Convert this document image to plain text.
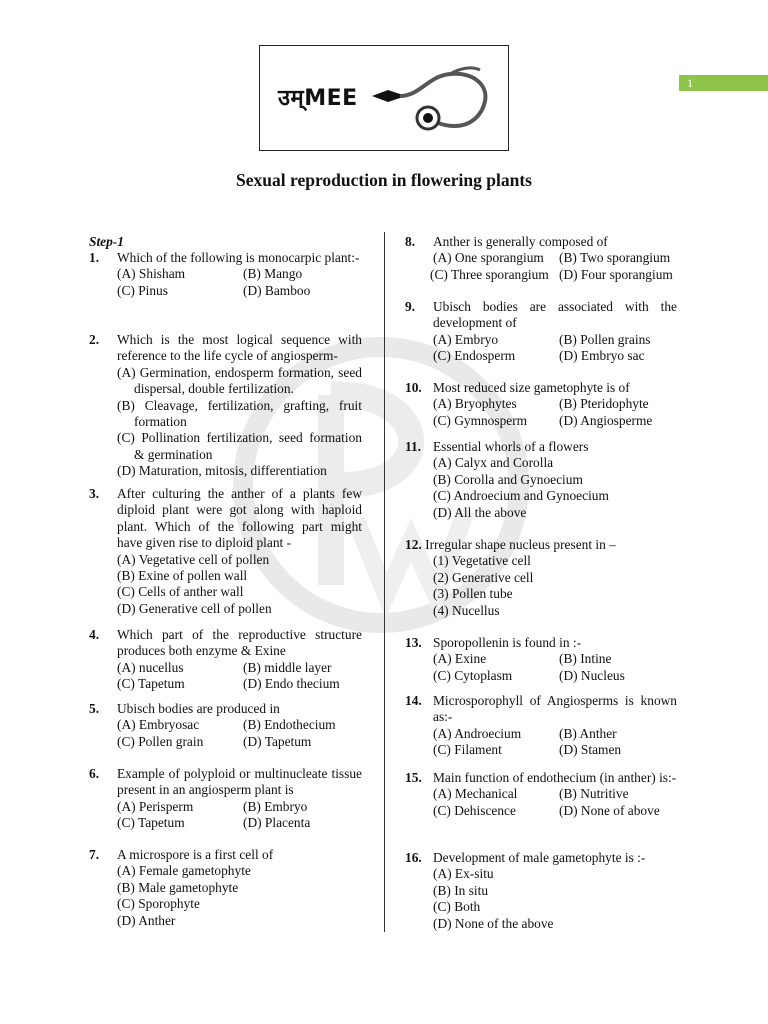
उम्MEE
1
Sexual reproduction in flowering plants
Step-1
1.	Which of the following is monocarpic plant:-
(A) Shisham	(B) Mango
(C) Pinus	(D) Bamboo
2.	Which is the most logical sequence with reference to the life cycle of angiosperm-
(A) Germination, endosperm formation, seed dispersal, double fertilization.
(B) Cleavage, fertilization, grafting, fruit formation
(C) Pollination fertilization, seed formation & germination
(D) Maturation, mitosis, differentiation
3.	After culturing the anther of a plants few diploid plant were got along with haploid plant. Which of the following part might have given rise to diploid plant -
(A) Vegetative cell of pollen
(B) Exine of pollen wall
(C) Cells of anther wall
(D) Generative cell of pollen
4.	Which part of the reproductive structure produces both enzyme & Exine
(A) nucellus	(B) middle layer
(C) Tapetum	(D) Endo thecium
5.	Ubisch bodies are produced in
(A) Embryosac	(B) Endothecium
(C) Pollen grain	(D) Tapetum
6.	Example of polyploid or multinucleate tissue present in an angiosperm plant is
(A) Perisperm	(B) Embryo
(C) Tapetum	(D) Placenta
7.	A microspore is a first cell of
(A) Female gametophyte
(B) Male gametophyte
(C) Sporophyte
(D) Anther
8.	Anther is generally composed of
(A) One sporangium	(B) Two sporangium
(C) Three sporangium (D) Four sporangium
9.	Ubisch bodies are associated with the development of
(A) Embryo	(B) Pollen grains
(C) Endosperm	(D) Embryo sac
10. Most reduced size gametophyte is of
(A) Bryophytes	(B) Pteridophyte
(C) Gymnosperm	(D) Angiosperme
11. Essential whorls of a flowers
(A) Calyx and Corolla
(B) Corolla and Gynoecium
(C) Androecium and Gynoecium
(D) All the above
12. Irregular shape nucleus present in –
(1) Vegetative cell
(2) Generative cell
(3) Pollen tube
(4) Nucellus
13. Sporopollenin is found in :-
(A) Exine	(B) Intine
(C) Cytoplasm	(D) Nucleus
14. Microsporophyll of Angiosperms is known as:-
(A) Androecium	(B) Anther
(C) Filament	(D) Stamen
15. Main function of endothecium (in anther) is:-
(A) Mechanical	(B) Nutritive
(C) Dehiscence	(D) None of above
16. Development of male gametophyte is :-
(A) Ex-situ
(B) In situ
(C) Both
(D) None of the above
